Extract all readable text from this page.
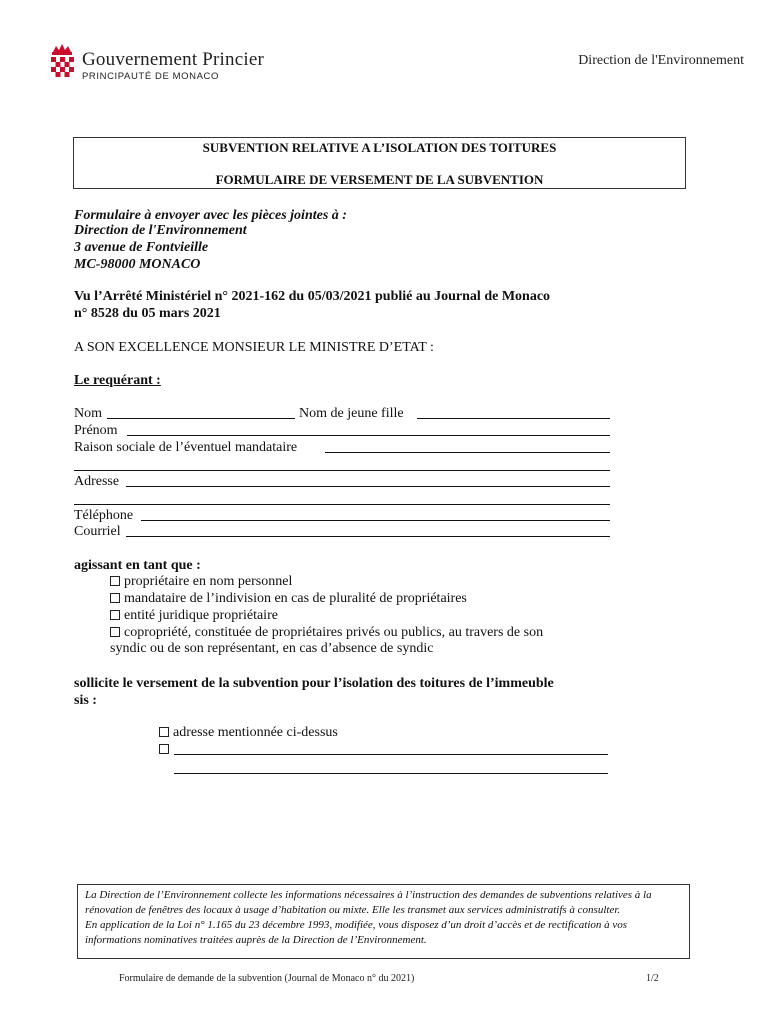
Gouvernement Princier
PRINCIPAUTÉ DE MONACO
Direction de l'Environnement
SUBVENTION RELATIVE A L’ISOLATION DES TOITURES
FORMULAIRE DE VERSEMENT DE LA SUBVENTION
Formulaire à envoyer avec les pièces jointes à :
Direction de l'Environnement
3 avenue de Fontvieille
MC-98000 MONACO
Vu l’Arrêté Ministériel n° 2021-162 du 05/03/2021 publié au Journal de Monaco
n° 8528 du 05 mars 2021
A SON EXCELLENCE MONSIEUR LE MINISTRE D’ETAT :
Le requérant :
Nom	Nom de jeune fille
Prénom
Raison sociale de l’éventuel mandataire
Adresse
Téléphone
Courriel
agissant en tant que :
propriétaire en nom personnel
mandataire de l’indivision en cas de pluralité de propriétaires
entité juridique propriétaire
copropriété, constituée de propriétaires privés ou publics, au travers de son
syndic ou de son représentant, en cas d’absence de syndic
sollicite le versement de la subvention pour l’isolation des toitures de l’immeuble
sis :
adresse mentionnée ci-dessus
La Direction de l’Environnement collecte les informations nécessaires à l’instruction des demandes de subventions relatives à la rénovation de fenêtres des locaux à usage d’habitation ou mixte. Elle les transmet aux services administratifs à consulter.
En application de la Loi n° 1.165 du 23 décembre 1993, modifiée, vous disposez d’un droit d’accès et de rectification à vos informations nominatives traitées auprès de la Direction de l’Environnement.
Formulaire de demande de la subvention (Journal de Monaco n° du 2021)	1/2
